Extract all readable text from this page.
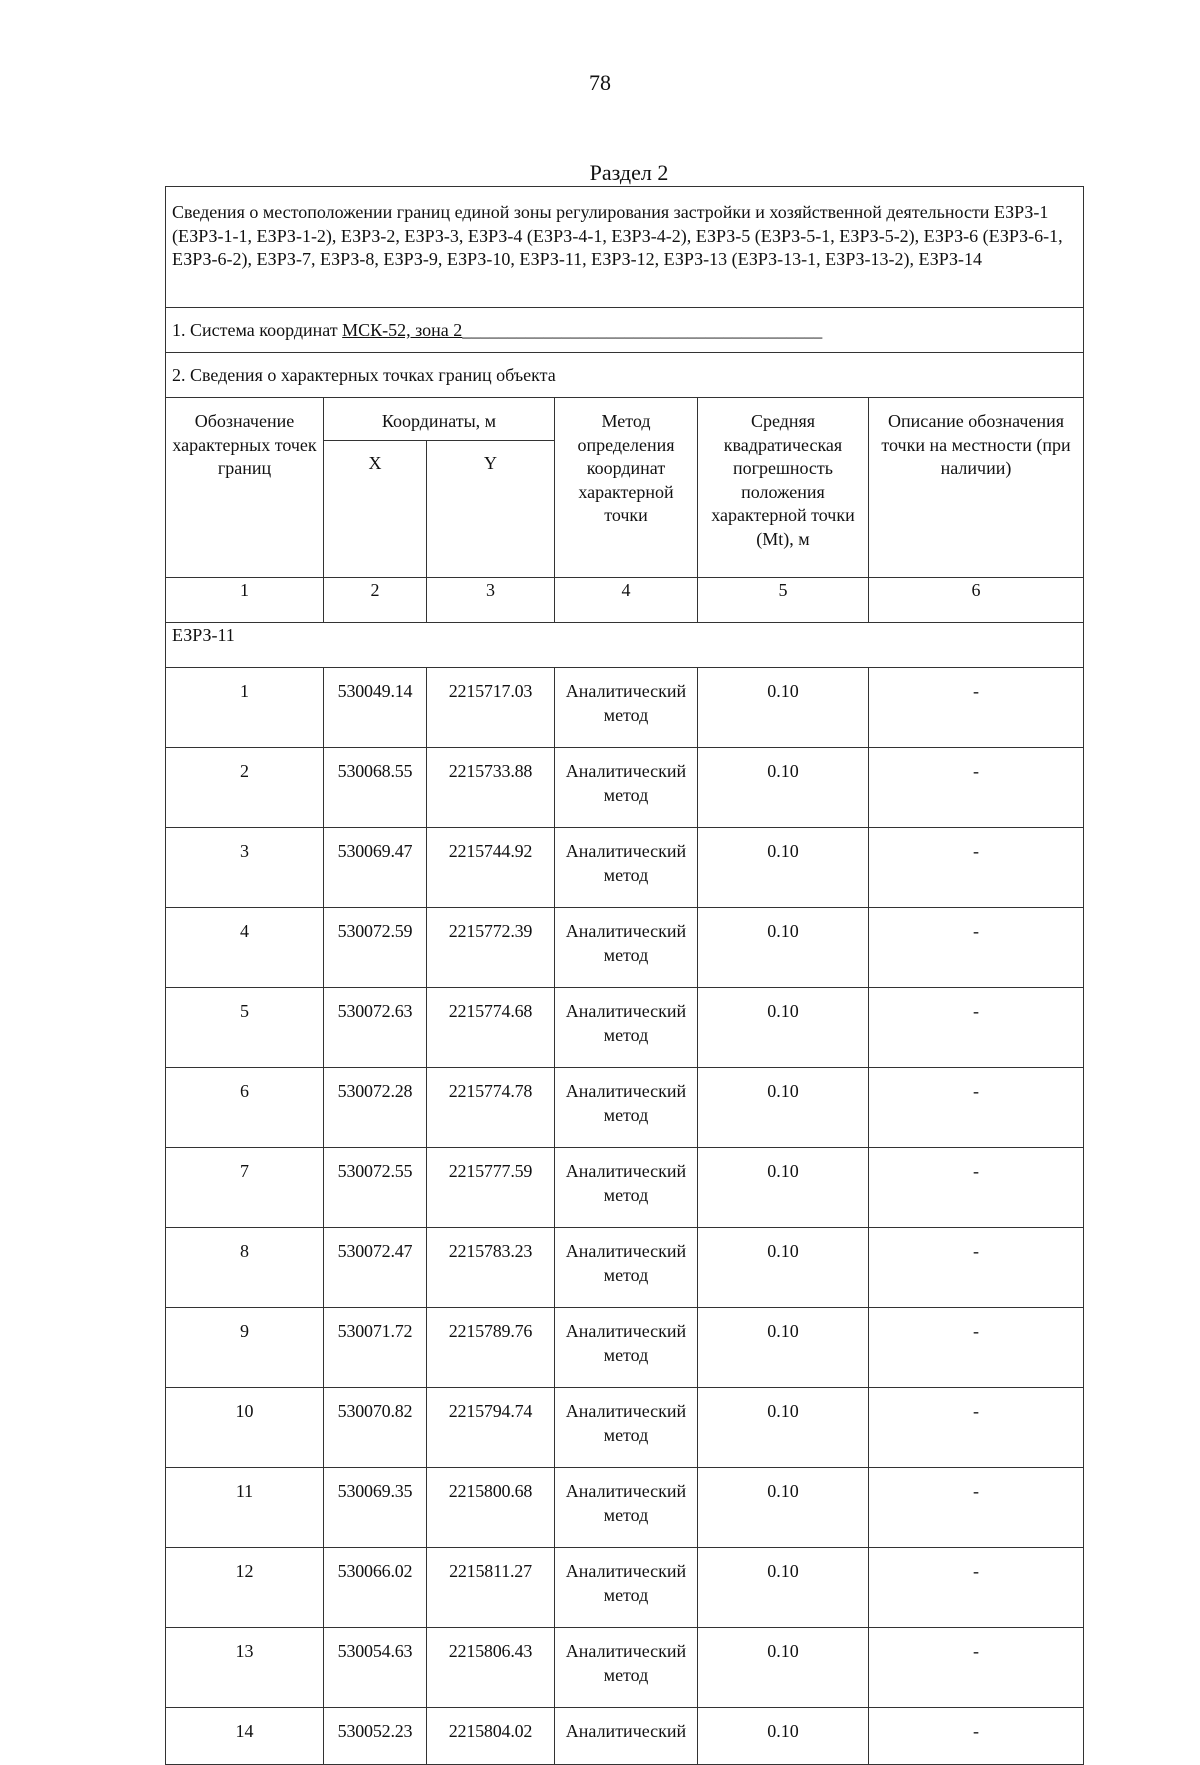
78
Раздел 2
Сведения о местоположении границ единой зоны регулирования застройки и хозяйственной деятельности ЕЗРЗ-1 (ЕЗРЗ-1-1, ЕЗРЗ-1-2), ЕЗРЗ-2, ЕЗРЗ-3, ЕЗРЗ-4 (ЕЗРЗ-4-1, ЕЗРЗ-4-2), ЕЗРЗ-5 (ЕЗРЗ-5-1, ЕЗРЗ-5-2), ЕЗРЗ-6 (ЕЗРЗ-6-1, ЕЗРЗ-6-2), ЕЗРЗ-7, ЕЗРЗ-8, ЕЗРЗ-9, ЕЗРЗ-10, ЕЗРЗ-11, ЕЗРЗ-12, ЕЗРЗ-13 (ЕЗРЗ-13-1, ЕЗРЗ-13-2), ЕЗРЗ-14					
1. Система координат МСК-52, зона 2________________________________________					
2. Сведения о характерных точках границ объекта					
Обозначение характерных точек границ	Координаты, м		Метод определения координат характерной точки	Средняя квадратическая погрешность положения характерной точки (Mt), м	Описание обозначения точки на местности (при наличии)
	X	Y			
1	2	3	4	5	6
ЕЗРЗ-11					
1	530049.14	2215717.03	Аналитический метод	0.10	-
2	530068.55	2215733.88	Аналитический метод	0.10	-
3	530069.47	2215744.92	Аналитический метод	0.10	-
4	530072.59	2215772.39	Аналитический метод	0.10	-
5	530072.63	2215774.68	Аналитический метод	0.10	-
6	530072.28	2215774.78	Аналитический метод	0.10	-
7	530072.55	2215777.59	Аналитический метод	0.10	-
8	530072.47	2215783.23	Аналитический метод	0.10	-
9	530071.72	2215789.76	Аналитический метод	0.10	-
10	530070.82	2215794.74	Аналитический метод	0.10	-
11	530069.35	2215800.68	Аналитический метод	0.10	-
12	530066.02	2215811.27	Аналитический метод	0.10	-
13	530054.63	2215806.43	Аналитический метод	0.10	-
14	530052.23	2215804.02	Аналитический	0.10	-
